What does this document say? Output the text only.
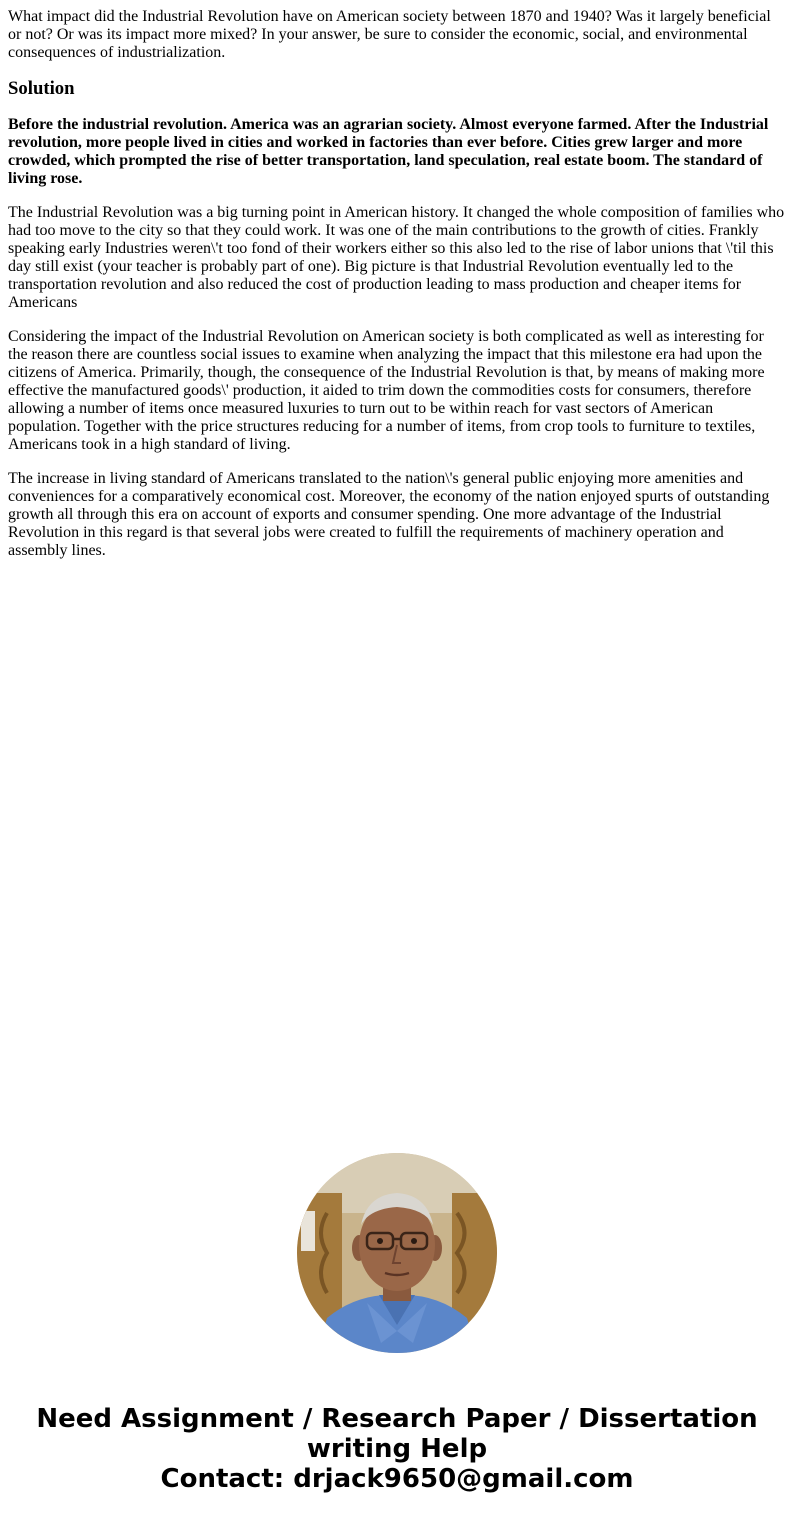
What impact did the Industrial Revolution have on American society between 1870 and 1940? Was it largely beneficial or not? Or was its impact more mixed? In your answer, be sure to consider the economic, social, and environmental consequences of industrialization.

Solution

Before the industrial revolution. America was an agrarian society. Almost everyone farmed. After the Industrial revolution, more people lived in cities and worked in factories than ever before. Cities grew larger and more crowded, which prompted the rise of better transportation, land speculation, real estate boom. The standard of living rose.

The Industrial Revolution was a big turning point in American history. It changed the whole composition of families who had too move to the city so that they could work. It was one of the main contributions to the growth of cities. Frankly speaking early Industries weren\'t too fond of their workers either so this also led to the rise of labor unions that \'til this day still exist (your teacher is probably part of one). Big picture is that Industrial Revolution eventually led to the transportation revolution and also reduced the cost of production leading to mass production and cheaper items for Americans

Considering the impact of the Industrial Revolution on American society is both complicated as well as interesting for the reason there are countless social issues to examine when analyzing the impact that this milestone era had upon the citizens of America. Primarily, though, the consequence of the Industrial Revolution is that, by means of making more effective the manufactured goods\' production, it aided to trim down the commodities costs for consumers, therefore allowing a number of items once measured luxuries to turn out to be within reach for vast sectors of American population. Together with the price structures reducing for a number of items, from crop tools to furniture to textiles, Americans took in a high standard of living.

The increase in living standard of Americans translated to the nation\'s general public enjoying more amenities and conveniences for a comparatively economical cost. Moreover, the economy of the nation enjoyed spurts of outstanding growth all through this era on account of exports and consumer spending. One more advantage of the Industrial Revolution in this regard is that several jobs were created to fulfill the requirements of machinery operation and assembly lines.

Need Assignment / Research Paper / Dissertation writing Help
Contact: drjack9650@gmail.com
